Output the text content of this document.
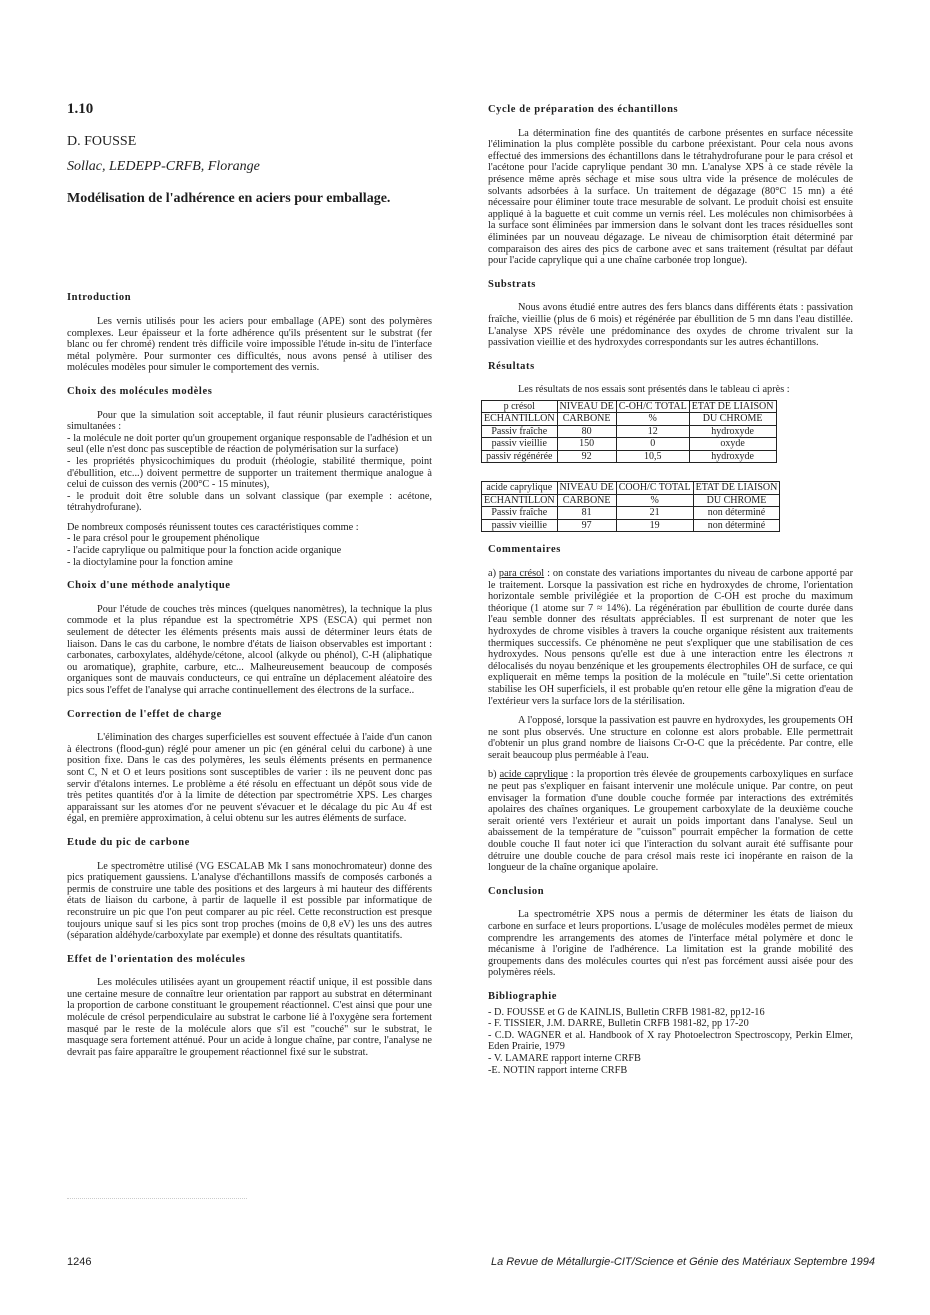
1.10

D. FOUSSE

Sollac, LEDEPP-CRFB, Florange

Modélisation de l'adhérence en aciers pour emballage.

Introduction

Les vernis utilisés pour les aciers pour emballage (APE) sont des polymères complexes. Leur épaisseur et la forte adhérence qu'ils présentent sur le substrat (fer blanc ou fer chromé) rendent très difficile voire impossible l'étude in-situ de l'interface métal polymère. Pour surmonter ces difficultés, nous avons pensé à utiliser des molécules modèles pour simuler le comportement des vernis.

Choix des molécules modèles

Pour que la simulation soit acceptable, il faut réunir plusieurs caractéristiques simultanées :

- la molécule ne doit porter qu'un groupement organique responsable de l'adhésion et un seul (elle n'est donc pas susceptible de réaction de polymérisation sur la surface)

- les propriétés physicochimiques du produit (rhéologie, stabilité thermique, point d'ébullition, etc...) doivent permettre de supporter un traitement thermique analogue à celui de cuisson des vernis (200°C - 15 minutes),

- le produit doit être soluble dans un solvant classique (par exemple : acétone, tétrahydrofurane).

De nombreux composés réunissent toutes ces caractéristiques comme :

- le para crésol pour le groupement phénolique

- l'acide caprylique ou palmitique pour la fonction acide organique

- la dioctylamine pour la fonction amine

Choix d'une méthode analytique

Pour l'étude de couches très minces (quelques nanomètres), la technique la plus commode et la plus répandue est la spectrométrie XPS (ESCA) qui permet non seulement de détecter les éléments présents mais aussi de déterminer leurs états de liaison. Dans le cas du carbone, le nombre d'états de liaison observables est important : carbonates, carboxylates, aldéhyde/cétone, alcool (alkyde ou phénol), C-H (aliphatique ou aromatique), graphite, carbure, etc... Malheureusement beaucoup de composés organiques sont de mauvais conducteurs, ce qui entraîne un déplacement aléatoire des pics sous l'effet de l'analyse qui arrache continuellement des électrons de la surface..

Correction de l'effet de charge

L'élimination des charges superficielles est souvent effectuée à l'aide d'un canon à électrons (flood-gun) réglé pour amener un pic (en général celui du carbone) à une position fixe. Dans le cas des polymères, les seuls éléments présents en permanence sont C, N et O et leurs positions sont susceptibles de varier : ils ne peuvent donc pas servir d'étalons internes. Le problème a été résolu en effectuant un dépôt sous vide de très petites quantités d'or à la limite de détection par spectrométrie XPS. Les charges apparaissant sur les atomes d'or ne peuvent s'évacuer et le décalage du pic Au 4f est égal, en première approximation, à celui obtenu sur les autres éléments de surface.

Etude du pic de carbone

Le spectromètre utilisé (VG ESCALAB Mk I sans monochromateur) donne des pics pratiquement gaussiens. L'analyse d'échantillons massifs de composés carbonés a permis de construire une table des positions et des largeurs à mi hauteur des différents états de liaison du carbone, à partir de laquelle il est possible par informatique de reconstruire un pic que l'on peut comparer au pic réel. Cette reconstruction est presque toujours unique sauf si les pics sont trop proches (moins de 0,8 eV) les uns des autres (séparation aldéhyde/carboxylate par exemple) et donne des résultats quantitatifs.

Effet de l'orientation des molécules

Les molécules utilisées ayant un groupement réactif unique, il est possible dans une certaine mesure de connaître leur orientation par rapport au substrat en déterminant la proportion de carbone constituant le groupement réactionnel. C'est ainsi que pour une molécule de crésol perpendiculaire au substrat le carbone lié à l'oxygène sera fortement masqué par le reste de la molécule alors que s'il est "couché" sur le substrat, le masquage sera fortement atténué. Pour un acide à longue chaîne, par contre, l'analyse ne devrait pas faire apparaître le groupement réactionnel fixé sur le substrat.

Cycle de préparation des échantillons

La détermination fine des quantités de carbone présentes en surface nécessite l'élimination la plus complète possible du carbone préexistant. Pour cela nous avons effectué des immersions des échantillons dans le tétrahydrofurane pour le para crésol et l'acétone pour l'acide caprylique pendant 30 mn. L'analyse XPS à ce stade révèle la présence même après séchage et mise sous ultra vide la présence de molécules de solvants adsorbées à la surface. Un traitement de dégazage (80°C 15 mn) a été nécessaire pour éliminer toute trace mesurable de solvant. Le produit choisi est ensuite appliqué à la baguette et cuit comme un vernis réel. Les molécules non chimisorbées à la surface sont éliminées par immersion dans le solvant dont les traces résiduelles sont éliminées par un nouveau dégazage. Le niveau de chimisorption était déterminé par comparaison des aires des pics de carbone avec et sans traitement (résultat par défaut pour l'acide caprylique qui a une chaîne carbonée trop longue).

Substrats

Nous avons étudié entre autres des fers blancs dans différents états : passivation fraîche, vieillie (plus de 6 mois) et régénérée par ébullition de 5 mn dans l'eau distillée. L'analyse XPS révèle une prédominance des oxydes de chrome trivalent sur la passivation vieillie et des hydroxydes correspondants sur les autres échantillons.

Résultats

Les résultats de nos essais sont présentés dans le tableau ci après :

p crésol	NIVEAU DE	C-OH/C TOTAL	ETAT DE LIAISON
ECHANTILLON	CARBONE	%	DU CHROME
Passiv fraîche	80	12	hydroxyde
passiv vieillie	150	0	oxyde
passiv régénérée	92	10,5	hydroxyde
acide caprylique	NIVEAU DE	COOH/C TOTAL	ETAT DE LIAISON
ECHANTILLON	CARBONE	%	DU CHROME
Passiv fraîche	81	21	non déterminé
passiv vieillie	97	19	non déterminé
Commentaires

a) para crésol : on constate des variations importantes du niveau de carbone apporté par le traitement. Lorsque la passivation est riche en hydroxydes de chrome, l'orientation horizontale semble privilégiée et la proportion de C-OH est proche du maximum théorique (1 atome sur 7 ≈ 14%). La régénération par ébullition de courte durée dans l'eau semble donner des résultats appréciables. Il est surprenant de noter que les hydroxydes de chrome visibles à travers la couche organique résistent aux traitements thermiques successifs. Ce phénomène ne peut s'expliquer que une stabilisation de ces hydroxydes. Nous pensons qu'elle est due à une interaction entre les électrons π délocalisés du noyau benzénique et les groupements électrophiles OH de surface, ce qui expliquerait en même temps la position de la molécule en "tuile".Si cette orientation stabilise les OH superficiels, il est probable qu'en retour elle gêne la migration d'eau de l'extérieur vers la surface lors de la stérilisation.

A l'opposé, lorsque la passivation est pauvre en hydroxydes, les groupements OH ne sont plus observés. Une structure en colonne est alors probable. Elle permettrait d'obtenir un plus grand nombre de liaisons Cr-O-C que la précédente. Par contre, elle serait beaucoup plus perméable à l'eau.

b) acide caprylique : la proportion très élevée de groupements carboxyliques en surface ne peut pas s'expliquer en faisant intervenir une molécule unique. Par contre, on peut envisager la formation d'une double couche formée par interactions des extrémités apolaires des chaînes organiques. Le groupement carboxylate de la deuxième couche serait orienté vers l'extérieur et aurait un poids important dans l'analyse. Seul un abaissement de la température de "cuisson" pourrait empêcher la formation de cette double couche Il faut noter ici que l'interaction du solvant aurait été suffisante pour détruire une double couche de para crésol mais reste ici inopérante en raison de la longueur de la chaîne organique apolaire.

Conclusion

La spectrométrie XPS nous a permis de déterminer les états de liaison du carbone en surface et leurs proportions. L'usage de molécules modèles permet de mieux comprendre les arrangements des atomes de l'interface métal polymère et donc le mécanisme à l'origine de l'adhérence. La limitation est la grande mobilité des groupements dans des molécules courtes qui n'est pas forcément aussi aisée pour des polymères réels.

Bibliographie

- D. FOUSSE et G de KAINLIS, Bulletin CRFB 1981-82, pp12-16

- F. TISSIER, J.M. DARRE, Bulletin CRFB 1981-82, pp 17-20

- C.D. WAGNER et al. Handbook of X ray Photoelectron Spectroscopy, Perkin Elmer, Eden Prairie, 1979

- V. LAMARE rapport interne CRFB

-E. NOTIN rapport interne CRFB

1246	La Revue de Métallurgie-CIT/Science et Génie des Matériaux Septembre 1994
